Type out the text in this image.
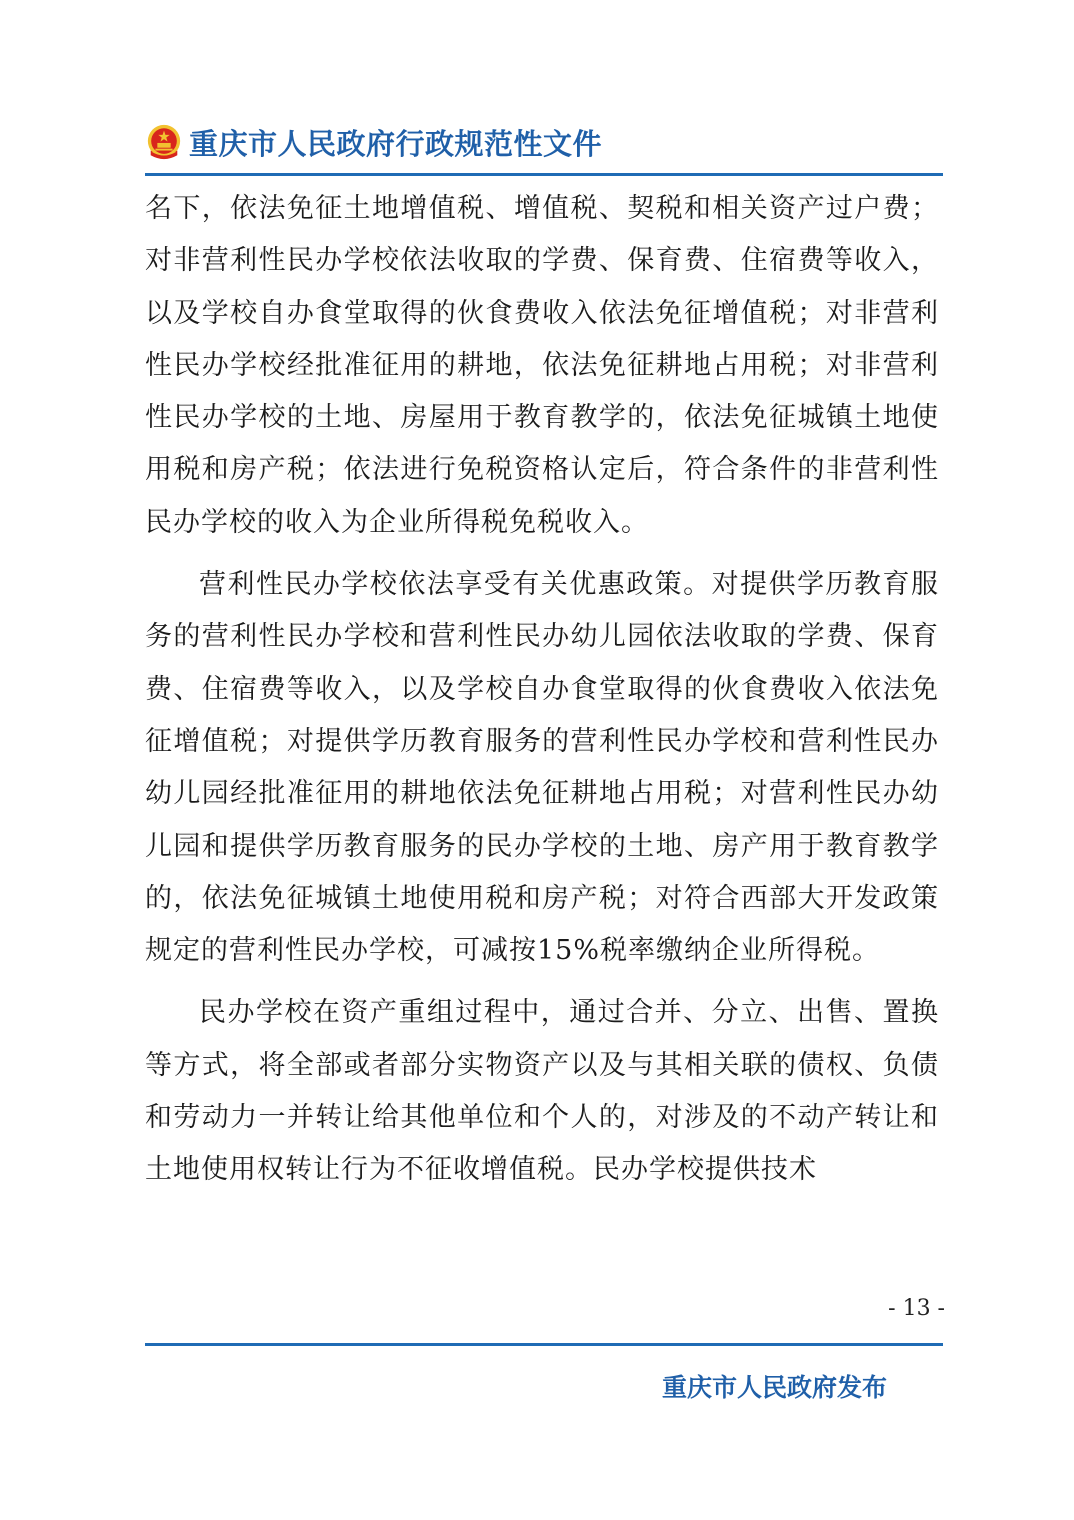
重庆市人民政府行政规范性文件

名下，依法免征土地增值税、增值税、契税和相关资产过户费；对非营利性民办学校依法收取的学费、保育费、住宿费等收入，以及学校自办食堂取得的伙食费收入依法免征增值税；对非营利性民办学校经批准征用的耕地，依法免征耕地占用税；对非营利性民办学校的土地、房屋用于教育教学的，依法免征城镇土地使用税和房产税；依法进行免税资格认定后，符合条件的非营利性民办学校的收入为企业所得税免税收入。

营利性民办学校依法享受有关优惠政策。对提供学历教育服务的营利性民办学校和营利性民办幼儿园依法收取的学费、保育费、住宿费等收入，以及学校自办食堂取得的伙食费收入依法免征增值税；对提供学历教育服务的营利性民办学校和营利性民办幼儿园经批准征用的耕地依法免征耕地占用税；对营利性民办幼儿园和提供学历教育服务的民办学校的土地、房产用于教育教学的，依法免征城镇土地使用税和房产税；对符合西部大开发政策规定的营利性民办学校，可减按15%税率缴纳企业所得税。

民办学校在资产重组过程中，通过合并、分立、出售、置换等方式，将全部或者部分实物资产以及与其相关联的债权、负债和劳动力一并转让给其他单位和个人的，对涉及的不动产转让和土地使用权转让行为不征收增值税。民办学校提供技术

- 13 -
重庆市人民政府发布
